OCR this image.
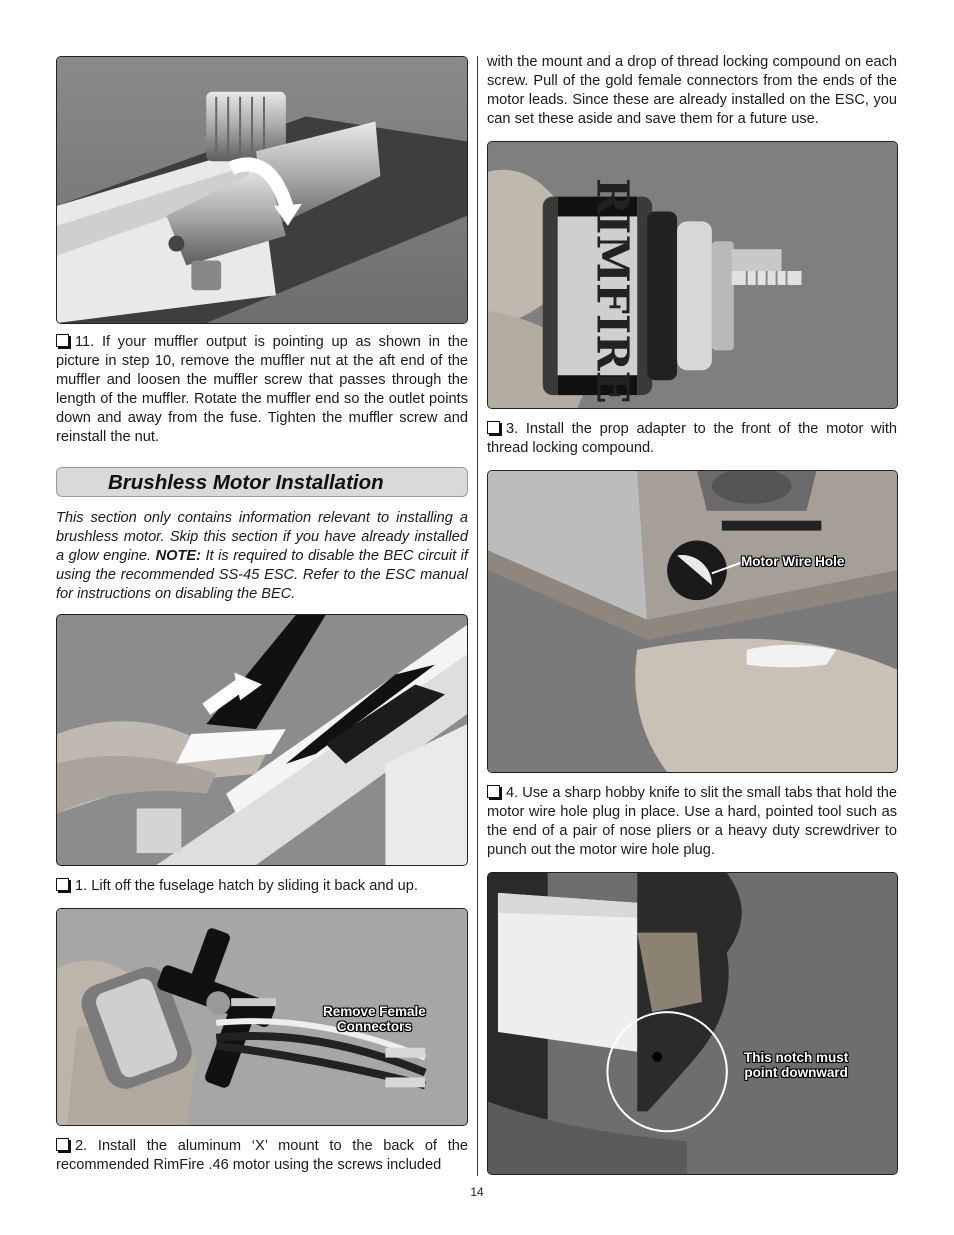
11. If your muffler output is pointing up as shown in the picture in step 10, remove the muffler nut at the aft end of the muffler and loosen the muffler screw that passes through the length of the muffler. Rotate the muffler end so the outlet points down and away from the fuse. Tighten the muffler screw and reinstall the nut.
Brushless Motor Installation
This section only contains information relevant to installing a brushless motor. Skip this section if you have already installed a glow engine. NOTE: It is required to disable the BEC circuit if using the recommended SS-45 ESC. Refer to the ESC manual for instructions on disabling the BEC.
1. Lift off the fuselage hatch by sliding it back and up.
Remove Female
Connectors
2. Install the aluminum ‘X’ mount to the back of the recommended RimFire .46 motor using the screws included
with the mount and a drop of thread locking compound on each screw. Pull of the gold female connectors from the ends of the motor leads. Since these are already installed on the ESC, you can set these aside and save them for a future use.
RIMFIRE
3. Install the prop adapter to the front of the motor with thread locking compound.
Motor Wire Hole
4. Use a sharp hobby knife to slit the small tabs that hold the motor wire hole plug in place. Use a hard, pointed tool such as the end of a pair of nose pliers or a heavy duty screwdriver to punch out the motor wire hole plug.
This notch must
point downward
14
